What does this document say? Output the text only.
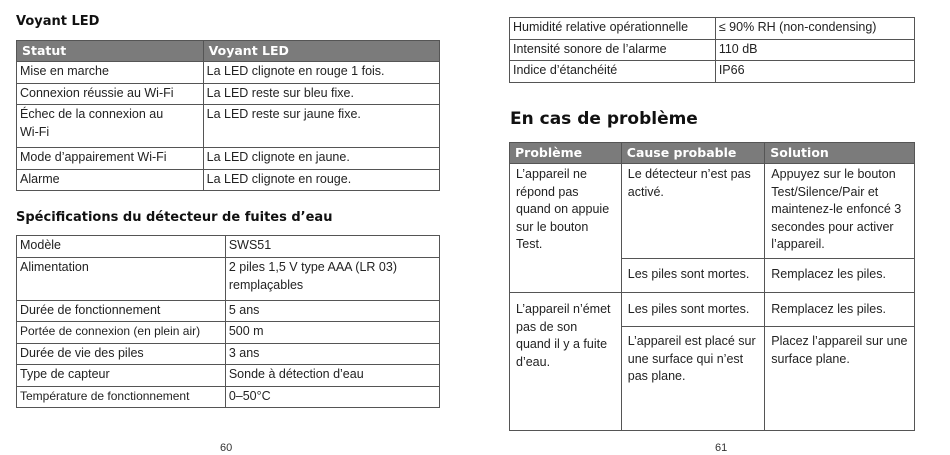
Voyant LED
Statut	Voyant LED
Mise en marche	La LED clignote en rouge 1 fois.
Connexion réussie au Wi-Fi	La LED reste sur bleu fixe.
Échec de la connexion au Wi-Fi	La LED reste sur jaune fixe.
Mode d’appairement Wi-Fi	La LED clignote en jaune.
Alarme	La LED clignote en rouge.
Spécifications du détecteur de fuites d’eau
Modèle	SWS51
Alimentation	2 piles 1,5 V type AAA (LR 03) remplaçables
Durée de fonctionnement	5 ans
Portée de connexion (en plein air)	500 m
Durée de vie des piles	3 ans
Type de capteur	Sonde à détection d’eau
Température de fonctionnement	0–50°C
60
Humidité relative opérationnelle	≤ 90% RH (non-condensing)
Intensité sonore de l’alarme	110 dB
Indice d’étanchéité	IP66
En cas de problème
Problème	Cause probable	Solution
L’appareil ne répond pas quand on appuie sur le bouton Test.	Le détecteur n’est pas activé.	Appuyez sur le bouton Test/Silence/Pair et maintenez-le enfoncé 3 secondes pour activer l’appareil.
	Les piles sont mortes.	Remplacez les piles.
L’appareil n’émet pas de son quand il y a fuite d’eau.	Les piles sont mortes.	Remplacez les piles.
	L’appareil est placé sur une surface qui n’est pas plane.	Placez l’appareil sur une surface plane.
61
